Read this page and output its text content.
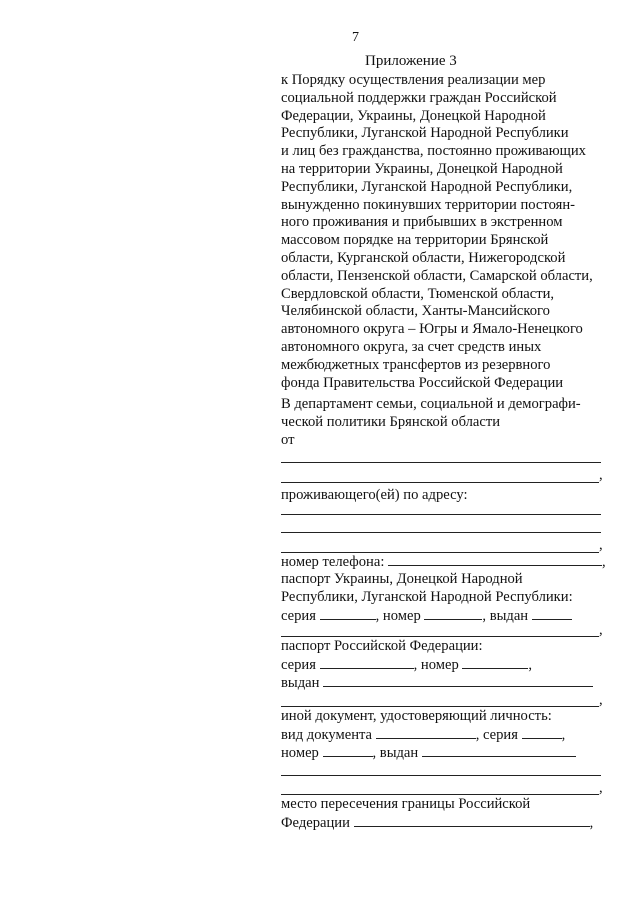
7
Приложение 3
к Порядку осуществления реализации мер
социальной поддержки граждан Российской
Федерации, Украины, Донецкой Народной
Республики, Луганской Народной Республики
и лиц без гражданства, постоянно проживающих
на территории Украины, Донецкой Народной
Республики, Луганской Народной Республики,
вынужденно покинувших территории постоян-
ного проживания и прибывших в экстренном
массовом порядке на территории Брянской
области, Курганской области, Нижегородской
области, Пензенской области, Самарской области,
Свердловской области, Тюменской области,
Челябинской области, Ханты-Мансийского
автономного округа – Югры и Ямало-Ненецкого
автономного округа, за счет средств иных
межбюджетных трансфертов из резервного
фонда Правительства Российской Федерации
В департамент семьи, социальной и демографи-
ческой политики Брянской области
от
,
проживающего(ей) по адресу:
,
номер телефона:	,
паспорт Украины, Донецкой Народной
Республики, Луганской Народной Республики:
серия	, номер	, выдан
,
паспорт Российской Федерации:
серия	, номер	,
выдан
,
иной документ, удостоверяющий личность:
вид документа	, серия	,
номер	, выдан
,
место пересечения границы Российской
Федерации	,
